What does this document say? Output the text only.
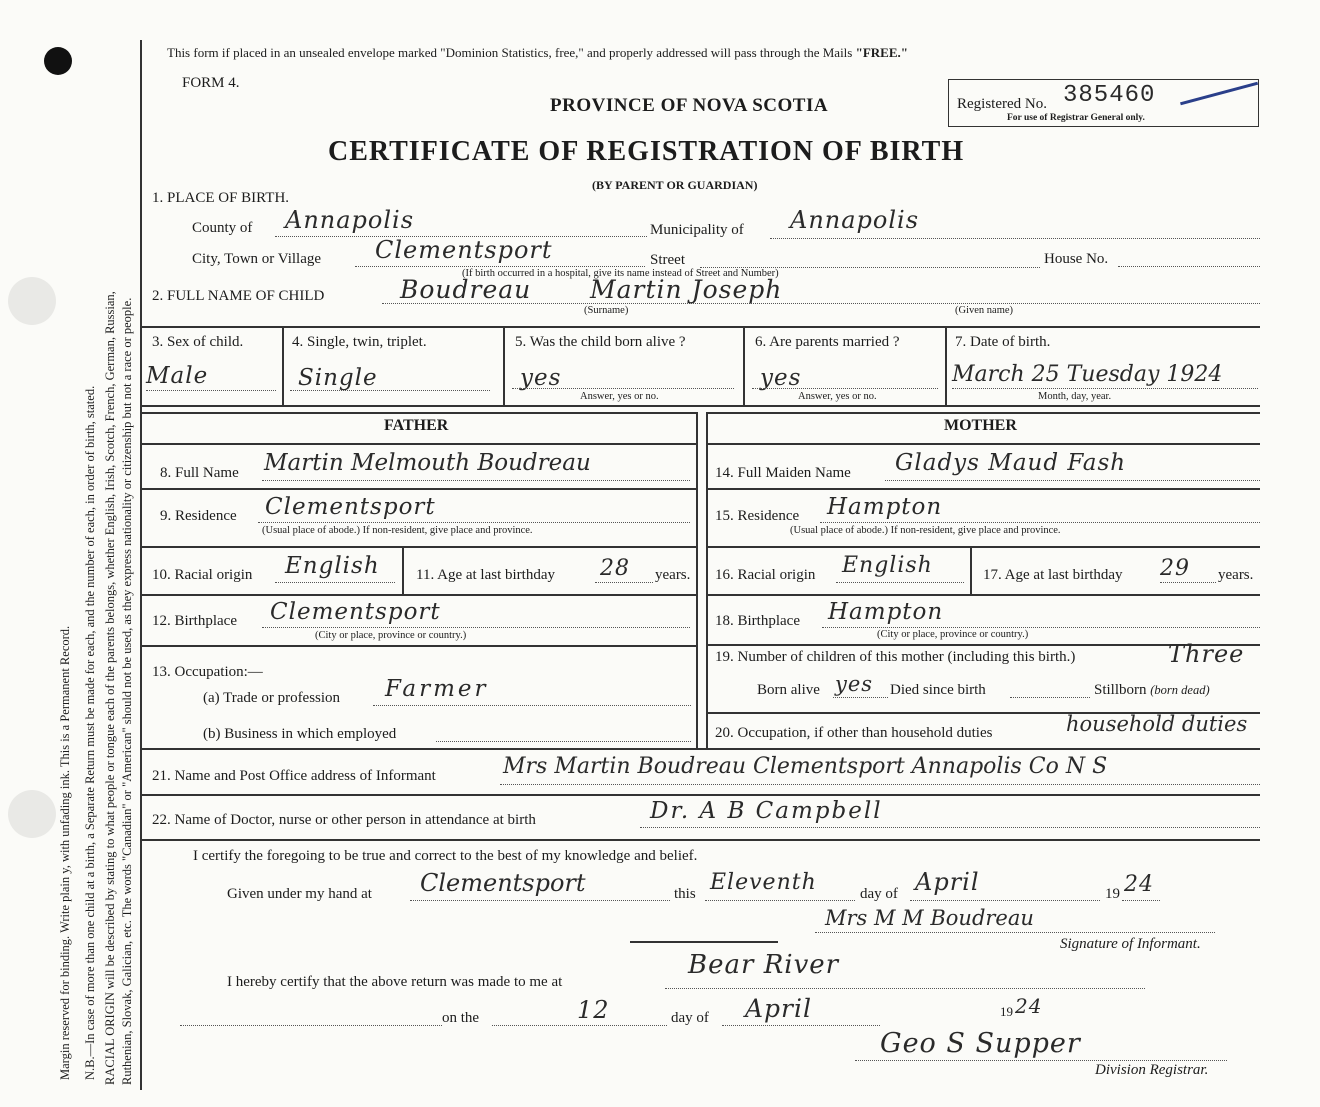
Margin reserved for binding. Write plain y, with unfading ink. This is a Permanent Record. N.B.—In case of more than one child at a birth, a Separate Return must be made for each, and the number of each, in order of birth, stated. RACIAL ORIGIN will be described by stating to what people or tongue each of the parents belongs, whether English, Irish, Scotch, French, German, Russian, Ruthenian, Slovak, Galician, etc. The words "Canadian" or "American" should not be used, as they express nationality or citizenship but not a race or people.
This form if placed in an unsealed envelope marked "Dominion Statistics, free," and properly addressed will pass through the Mails "FREE."
FORM 4.
PROVINCE OF NOVA SCOTIA	Registered No. 385460
For use of Registrar General only.
CERTIFICATE OF REGISTRATION OF BIRTH
(BY PARENT OR GUARDIAN)
1. PLACE OF BIRTH.
County of Annapolis	Municipality of Annapolis
City, Town or Village Clementsport	Street	House No.
(If birth occurred in a hospital, give its name instead of Street and Number)
2. FULL NAME OF CHILD	Boudreau Martin Joseph
(Surname)	(Given name)
3. Sex of child.
Male
4. Single, twin, triplet.
Single
5. Was the child born alive ?
yes
Answer, yes or no.
6. Are parents married ?
yes
Answer, yes or no.
7. Date of birth.
March 25 Tuesday 1924
Month, day, year.
FATHER	MOTHER
8. Full Name Martin Melmouth Boudreau
9. Residence Clementsport
(Usual place of abode.) If non-resident, give place and province.
10. Racial origin English 11. Age at last birthday 28 years.
12. Birthplace Clementsport
(City or place, province or country.)
13. Occupation:—
(a) Trade or profession Farmer
(b) Business in which employed
14. Full Maiden Name Gladys Maud Fash
15. Residence Hampton
(Usual place of abode.) If non-resident, give place and province.
16. Racial origin English	17. Age at last birthday 29 years.
18. Birthplace Hampton
(City or place, province or country.)
19. Number of children of this mother (including this birth.)	Three
Born alive yes Died since birth	Stillborn (born dead)
20. Occupation, if other than household duties	household duties
21. Name and Post Office address of Informant	Mrs Martin Boudreau Clementsport Annapolis Co N S
22. Name of Doctor, nurse or other person in attendance at birth	Dr. A B Campbell
I certify the foregoing to be true and correct to the best of my knowledge and belief.
Given under my hand at Clementsport	this Eleventh	day of April	19 24
Mrs M M Boudreau
Signature of Informant.
I hereby certify that the above return was made to me at
Bear River
on the	12	day of April	19 24
Geo S Supper
Division Registrar.
